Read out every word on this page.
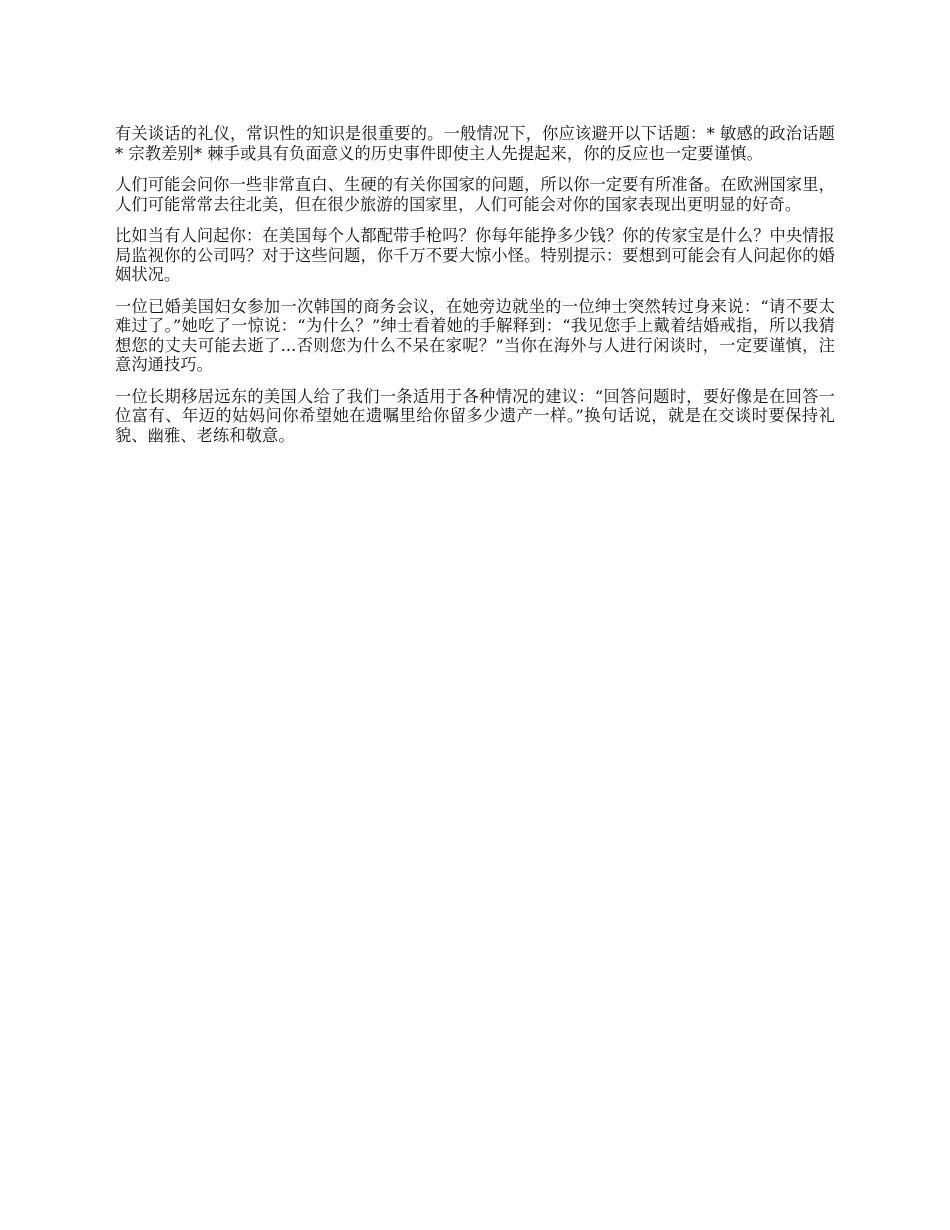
有关谈话的礼仪，常识性的知识是很重要的。一般情况下，你应该避开以下话题：* 敏感的政治话题* 宗教差别* 棘手或具有负面意义的历史事件即使主人先提起来，你的反应也一定要谨慎。

人们可能会问你一些非常直白、生硬的有关你国家的问题，所以你一定要有所准备。在欧洲国家里，人们可能常常去往北美，但在很少旅游的国家里，人们可能会对你的国家表现出更明显的好奇。

比如当有人问起你：在美国每个人都配带手枪吗？你每年能挣多少钱？你的传家宝是什么？中央情报局监视你的公司吗？对于这些问题，你千万不要大惊小怪。特别提示：要想到可能会有人问起你的婚姻状况。

一位已婚美国妇女参加一次韩国的商务会议，在她旁边就坐的一位绅士突然转过身来说：“请不要太难过了。”她吃了一惊说：“为什么？”绅士看着她的手解释到：“我见您手上戴着结婚戒指，所以我猜想您的丈夫可能去逝了...否则您为什么不呆在家呢？”当你在海外与人进行闲谈时，一定要谨慎，注意沟通技巧。

一位长期移居远东的美国人给了我们一条适用于各种情况的建议：“回答问题时，要好像是在回答一位富有、年迈的姑妈问你希望她在遗嘱里给你留多少遗产一样。”换句话说，就是在交谈时要保持礼貌、幽雅、老练和敬意。
